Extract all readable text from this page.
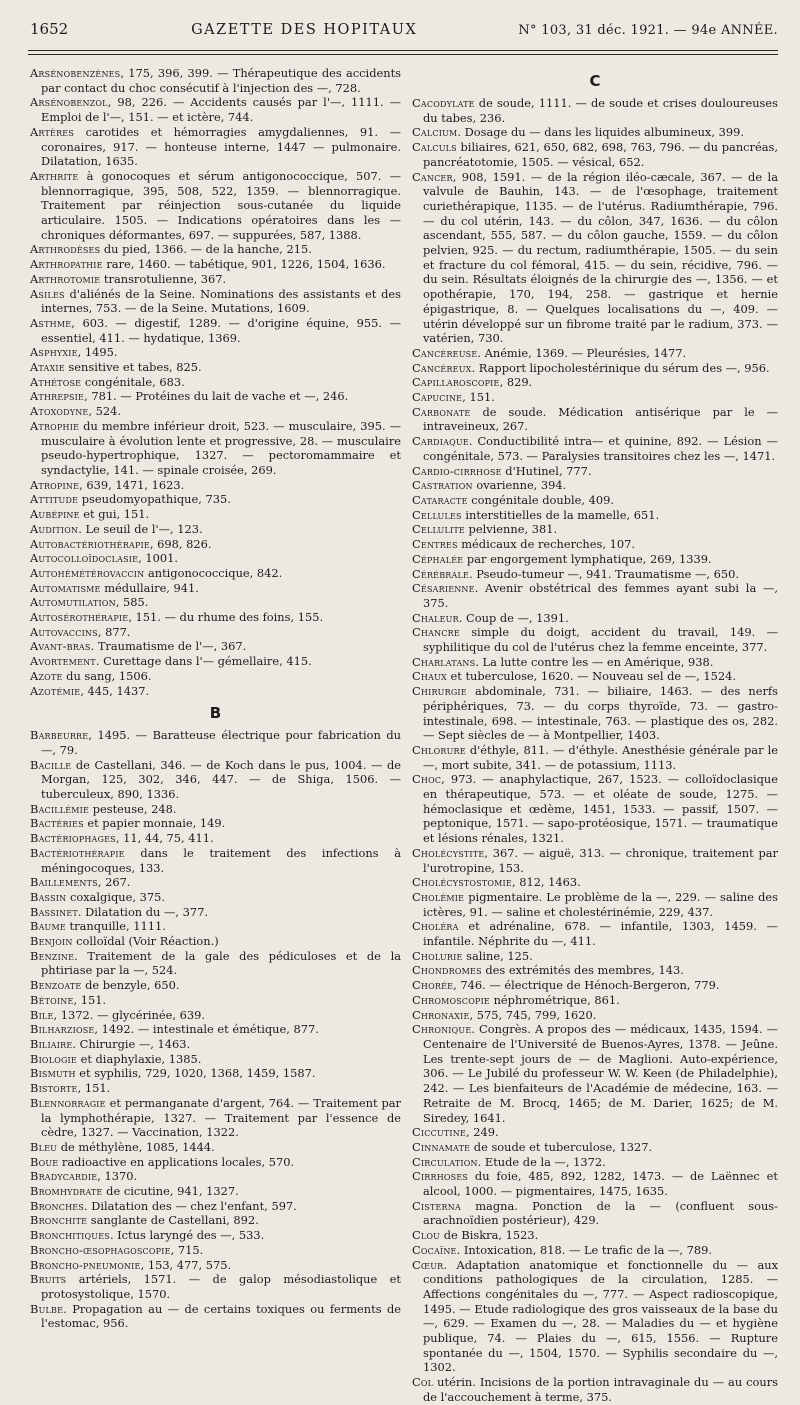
1652	GAZETTE DES HOPITAUX	N° 103, 31 déc. 1921. — 94e ANNÉE.

Arsénobenzènes, 175, 396, 399. — Thérapeutique des accidents par contact du choc consécutif à l'injection des —, 728.

Arsénobenzol, 98, 226. — Accidents causés par l'—, 1111. — Emploi de l'—, 151. — et ictère, 744.

Artères carotides et hémorragies amygdaliennes, 91. — coronaires, 917. — honteuse interne, 1447 — pulmonaire. Dilatation, 1635.

Arthrite à gonocoques et sérum antigonococcique, 507. — blennorragique, 395, 508, 522, 1359. — blennorragique. Traitement par réinjection sous-cutanée du liquide articulaire. 1505. — Indications opératoires dans les — chroniques déformantes, 697. — suppurées, 587, 1388.

Arthrodèses du pied, 1366. — de la hanche, 215.

Arthropathie rare, 1460. — tabétique, 901, 1226, 1504, 1636.

Arthrotomie transrotulienne, 367.

Asiles d'aliénés de la Seine. Nominations des assistants et des internes, 753. — de la Seine. Mutations, 1609.

Asthme, 603. — digestif, 1289. — d'origine équine, 955. — essentiel, 411. — hydatique, 1369.

Asphyxie, 1495.

Ataxie sensitive et tabes, 825.

Athétose congénitale, 683.

Athrepsie, 781. — Protéines du lait de vache et —, 246.

Atoxodyne, 524.

Atrophie du membre inférieur droit, 523. — musculaire, 395. — musculaire à évolution lente et progressive, 28. — musculaire pseudo-hypertrophique, 1327. — pectoromammaire et syndactylie, 141. — spinale croisée, 269.

Atropine, 639, 1471, 1623.

Attitude pseudomyopathique, 735.

Aubépine et gui, 151.

Audition. Le seuil de l'—, 123.

Autobactériothérapie, 698, 826.

Autocolloïdoclasie, 1001.

Autohémétérovaccin antigonococcique, 842.

Automatisme médullaire, 941.

Automutilation, 585.

Autosérothérapie, 151. — du rhume des foins, 155.

Autovaccins, 877.

Avant-bras. Traumatisme de l'—, 367.

Avortement. Curettage dans l'— gémellaire, 415.

Azote du sang, 1506.

Azotémie, 445, 1437.

B

Barbeurre, 1495. — Baratteuse électrique pour fabrication du —, 79.

Bacille de Castellani, 346. — de Koch dans le pus, 1004. — de Morgan, 125, 302, 346, 447. — de Shiga, 1506. — tuberculeux, 890, 1336.

Bacillémie pesteuse, 248.

Bactéries et papier monnaie, 149.

Bactériophages, 11, 44, 75, 411.

Bactériothérapie dans le traitement des infections à méningocoques, 133.

Baillements, 267.

Bassin coxalgique, 375.

Bassinet. Dilatation du —, 377.

Baume tranquille, 1111.

Benjoin colloïdal (Voir Réaction.)

Benzine. Traitement de la gale des pédiculoses et de la phtiriase par la —, 524.

Benzoate de benzyle, 650.

Bétoine, 151.

Bile, 1372. — glycérinée, 639.

Bilharziose, 1492. — intestinale et émétique, 877.

Biliaire. Chirurgie —, 1463.

Biologie et diaphylaxie, 1385.

Bismuth et syphilis, 729, 1020, 1368, 1459, 1587.

Bistorte, 151.

Blennorragie et permanganate d'argent, 764. — Traitement par la lymphothérapie, 1327. — Traitement par l'essence de cèdre, 1327. — Vaccination, 1322.

Bleu de méthylène, 1085, 1444.

Boue radioactive en applications locales, 570.

Bradycardie, 1370.

Bromhydrate de cicutine, 941, 1327.

Bronches. Dilatation des — chez l'enfant, 597.

Bronchite sanglante de Castellani, 892.

Bronchitiques. Ictus laryngé des —, 533.

Broncho-œsophagoscopie, 715.

Broncho-pneumonie, 153, 477, 575.

Bruits artériels, 1571. — de galop mésodiastolique et protosystolique, 1570.

Bulbe. Propagation au — de certains toxiques ou ferments de l'estomac, 956.

C

Cacodylate de soude, 1111. — de soude et crises douloureuses du tabes, 236.

Calcium. Dosage du — dans les liquides albumineux, 399.

Calculs biliaires, 621, 650, 682, 698, 763, 796. — du pancréas, pancréatotomie, 1505. — vésical, 652.

Cancer, 908, 1591. — de la région iléo-cæcale, 367. — de la valvule de Bauhin, 143. — de l'œsophage, traitement curiethérapique, 1135. — de l'utérus. Radiumthérapie, 796. — du col utérin, 143. — du côlon, 347, 1636. — du côlon ascendant, 555, 587. — du côlon gauche, 1559. — du côlon pelvien, 925. — du rectum, radiumthérapie, 1505. — du sein et fracture du col fémoral, 415. — du sein, récidive, 796. — du sein. Résultats éloignés de la chirurgie des —, 1356. — et opothérapie, 170, 194, 258. — gastrique et hernie épigastrique, 8. — Quelques localisations du —, 409. — utérin développé sur un fibrome traité par le radium, 373. — vatérien, 730.

Cancéreuse. Anémie, 1369. — Pleurésies, 1477.

Cancéreux. Rapport lipocholestérinique du sérum des —, 956.

Capillaroscopie, 829.

Capucine, 151.

Carbonate de soude. Médication antisérique par le — intraveineux, 267.

Cardiaque. Conductibilité intra— et quinine, 892. — Lésion — congénitale, 573. — Paralysies transitoires chez les —, 1471.

Cardio-cirrhose d'Hutinel, 777.

Castration ovarienne, 394.

Cataracte congénitale double, 409.

Cellules interstitielles de la mamelle, 651.

Cellulite pelvienne, 381.

Centres médicaux de recherches, 107.

Céphalée par engorgement lymphatique, 269, 1339.

Cérébrale. Pseudo-tumeur —, 941. Traumatisme —, 650.

Césarienne. Avenir obstétrical des femmes ayant subi la —, 375.

Chaleur. Coup de —, 1391.

Chancre simple du doigt, accident du travail, 149. — syphilitique du col de l'utérus chez la femme enceinte, 377.

Charlatans. La lutte contre les — en Amérique, 938.

Chaux et tuberculose, 1620. — Nouveau sel de —, 1524.

Chirurgie abdominale, 731. — biliaire, 1463. — des nerfs périphériques, 73. — du corps thyroïde, 73. — gastro-intestinale, 698. — intestinale, 763. — plastique des os, 282. — Sept siècles de — à Montpellier, 1403.

Chlorure d'éthyle, 811. — d'éthyle. Anesthésie générale par le —, mort subite, 341. — de potassium, 1113.

Choc, 973. — anaphylactique, 267, 1523. — colloïdoclasique en thérapeutique, 573. — et oléate de soude, 1275. — hémoclasique et œdème, 1451, 1533. — passif, 1507. — peptonique, 1571. — sapo-protéosique, 1571. — traumatique et lésions rénales, 1321.

Cholécystite, 367. — aiguë, 313. — chronique, traitement par l'urotropine, 153.

Cholécystostomie, 812, 1463.

Cholémie pigmentaire. Le problème de la —, 229. — saline des ictères, 91. — saline et cholestérinémie, 229, 437.

Choléra et adrénaline, 678. — infantile, 1303, 1459. — infantile. Néphrite du —, 411.

Cholurie saline, 125.

Chondromes des extrémités des membres, 143.

Chorée, 746. — électrique de Hénoch-Bergeron, 779.

Chromoscopie néphrométrique, 861.

Chronaxie, 575, 745, 799, 1620.

Chronique. Congrès. A propos des — médicaux, 1435, 1594. — Centenaire de l'Université de Buenos-Ayres, 1378. — Jeûne. Les trente-sept jours de — de Maglioni. Auto-expérience, 306. — Le Jubilé du professeur W. W. Keen (de Philadelphie), 242. — Les bienfaiteurs de l'Académie de médecine, 163. — Retraite de M. Brocq, 1465; de M. Darier, 1625; de M. Siredey, 1641.

Ciccutine, 249.

Cinnamate de soude et tuberculose, 1327.

Circulation. Etude de la —, 1372.

Cirrhoses du foie, 485, 892, 1282, 1473. — de Laënnec et alcool, 1000. — pigmentaires, 1475, 1635.

Cisterna magna. Ponction de la — (confluent sous-arachnoïdien postérieur), 429.

Clou de Biskra, 1523.

Cocaïne. Intoxication, 818. — Le trafic de la —, 789.

Cœur. Adaptation anatomique et fonctionnelle du — aux conditions pathologiques de la circulation, 1285. — Affections congénitales du —, 777. — Aspect radioscopique, 1495. — Etude radiologique des gros vaisseaux de la base du —, 629. — Examen du —, 28. — Maladies du — et hygiène publique, 74. — Plaies du —, 615, 1556. — Rupture spontanée du —, 1504, 1570. — Syphilis secondaire du —, 1302.

Col utérin. Incisions de la portion intravaginale du — au cours de l'accouchement à terme, 375.
